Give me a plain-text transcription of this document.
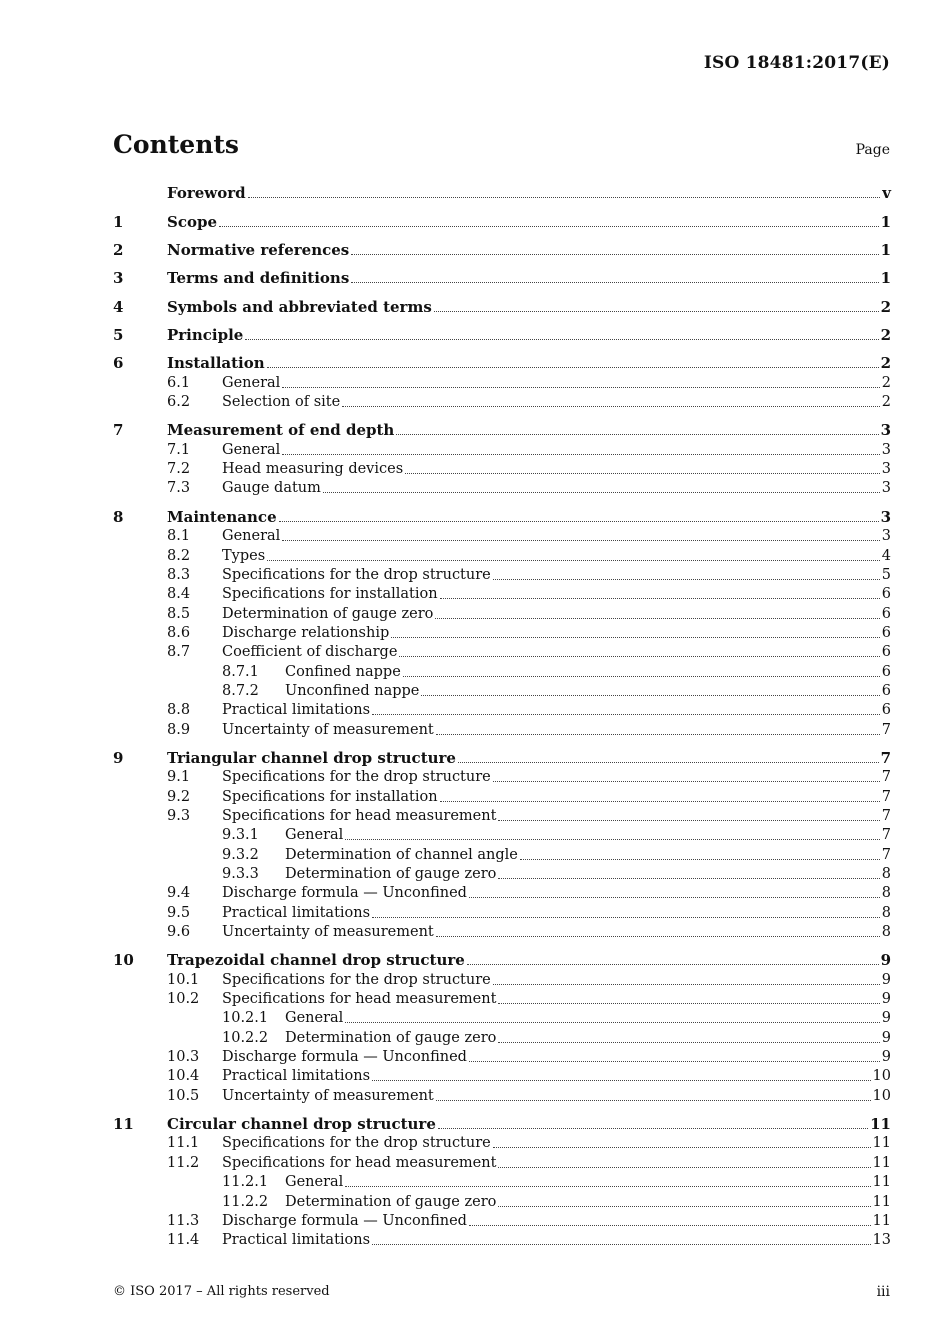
ISO 18481:2017(E)
Contents	Page
Foreword	v
1	Scope	1
2	Normative references	1
3	Terms and definitions	1
4	Symbols and abbreviated terms	2
5	Principle	2
6	Installation	2
6.1	General	2
6.2	Selection of site	2
7	Measurement of end depth	3
7.1	General	3
7.2	Head measuring devices	3
7.3	Gauge datum	3
8	Maintenance	3
8.1	General	3
8.2	Types	4
8.3	Specifications for the drop structure	5
8.4	Specifications for installation	6
8.5	Determination of gauge zero	6
8.6	Discharge relationship	6
8.7	Coefficient of discharge	6
8.7.1	Confined nappe	6
8.7.2	Unconfined nappe	6
8.8	Practical limitations	6
8.9	Uncertainty of measurement	7
9	Triangular channel drop structure	7
9.1	Specifications for the drop structure	7
9.2	Specifications for installation	7
9.3	Specifications for head measurement	7
9.3.1	General	7
9.3.2	Determination of channel angle	7
9.3.3	Determination of gauge zero	8
9.4	Discharge formula — Unconfined	8
9.5	Practical limitations	8
9.6	Uncertainty of measurement	8
10	Trapezoidal channel drop structure	9
10.1	Specifications for the drop structure	9
10.2	Specifications for head measurement	9
10.2.1	General	9
10.2.2	Determination of gauge zero	9
10.3	Discharge formula — Unconfined	9
10.4	Practical limitations	10
10.5	Uncertainty of measurement	10
11	Circular channel drop structure	11
11.1	Specifications for the drop structure	11
11.2	Specifications for head measurement	11
11.2.1	General	11
11.2.2	Determination of gauge zero	11
11.3	Discharge formula — Unconfined	11
11.4	Practical limitations	13
© ISO 2017 – All rights reserved	iii
